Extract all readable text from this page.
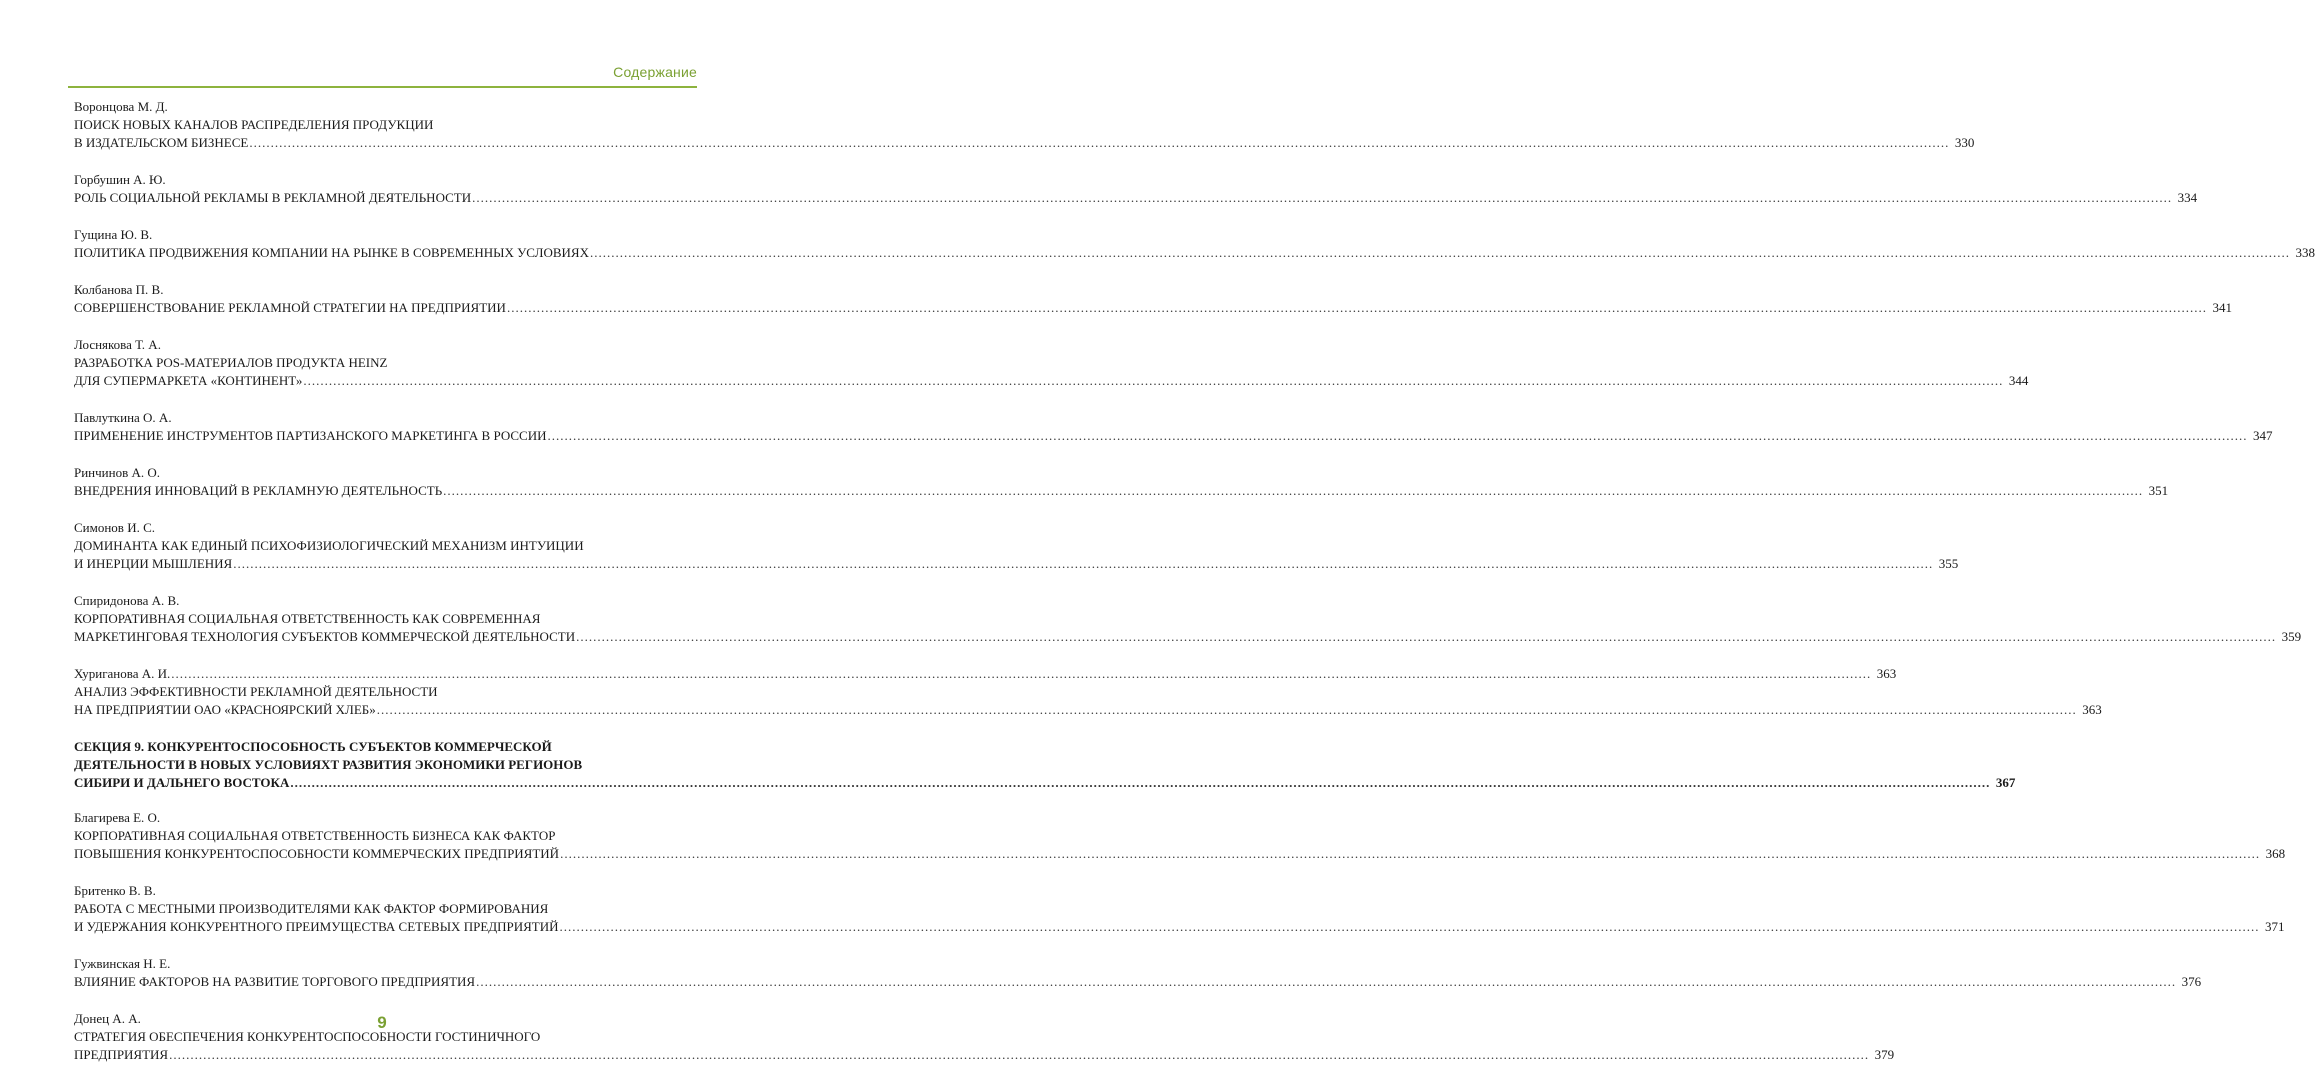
Содержание
Воронцова М. Д.
ПОИСК НОВЫХ КАНАЛОВ РАСПРЕДЕЛЕНИЯ ПРОДУКЦИИ
В ИЗДАТЕЛЬСКОМ БИЗНЕСЕ ................................................................................................................................................................................................................................................................................................................................................................................................................ 330
Горбушин А. Ю.
РОЛЬ СОЦИАЛЬНОЙ РЕКЛАМЫ В РЕКЛАМНОЙ ДЕЯТЕЛЬНОСТИ ................................................................................................................................................................................................................................................................................................................................................................................................................ 334
Гущина Ю. В.
ПОЛИТИКА ПРОДВИЖЕНИЯ КОМПАНИИ НА РЫНКЕ В СОВРЕМЕННЫХ УСЛОВИЯХ ................................................................................................................................................................................................................................................................................................................................................................................................................ 338
Колбанова П. В.
СОВЕРШЕНСТВОВАНИЕ РЕКЛАМНОЙ СТРАТЕГИИ НА ПРЕДПРИЯТИИ ................................................................................................................................................................................................................................................................................................................................................................................................................ 341
Лоснякова Т. А.
РАЗРАБОТКА POS-МАТЕРИАЛОВ ПРОДУКТА HEINZ
ДЛЯ СУПЕРМАРКЕТА «КОНТИНЕНТ» ................................................................................................................................................................................................................................................................................................................................................................................................................ 344
Павлуткина О. А.
ПРИМЕНЕНИЕ ИНСТРУМЕНТОВ ПАРТИЗАНСКОГО МАРКЕТИНГА В РОССИИ ................................................................................................................................................................................................................................................................................................................................................................................................................ 347
Ринчинов А. О.
ВНЕДРЕНИЯ ИННОВАЦИЙ В РЕКЛАМНУЮ ДЕЯТЕЛЬНОСТЬ ................................................................................................................................................................................................................................................................................................................................................................................................................ 351
Симонов И. С.
ДОМИНАНТА КАК ЕДИНЫЙ ПСИХОФИЗИОЛОГИЧЕСКИЙ МЕХАНИЗМ ИНТУИЦИИ
И ИНЕРЦИИ МЫШЛЕНИЯ ................................................................................................................................................................................................................................................................................................................................................................................................................ 355
Спиридонова А. В.
КОРПОРАТИВНАЯ СОЦИАЛЬНАЯ ОТВЕТСТВЕННОСТЬ КАК СОВРЕМЕННАЯ
МАРКЕТИНГОВАЯ ТЕХНОЛОГИЯ СУБЪЕКТОВ КОММЕРЧЕСКОЙ ДЕЯТЕЛЬНОСТИ ................................................................................................................................................................................................................................................................................................................................................................................................................ 359
Хуриганова А. И. ................................................................................................................................................................................................................................................................................................................................................................................................................ 363
АНАЛИЗ ЭФФЕКТИВНОСТИ РЕКЛАМНОЙ ДЕЯТЕЛЬНОСТИ
НА ПРЕДПРИЯТИИ ОАО «КРАСНОЯРСКИЙ ХЛЕБ» ................................................................................................................................................................................................................................................................................................................................................................................................................ 363
СЕКЦИЯ 9. КОНКУРЕНТОСПОСОБНОСТЬ СУБЪЕКТОВ КОММЕРЧЕСКОЙ
ДЕЯТЕЛЬНОСТИ В НОВЫХ УСЛОВИЯХТ РАЗВИТИЯ ЭКОНОМИКИ РЕГИОНОВ
СИБИРИ И ДАЛЬНЕГО ВОСТОКА ................................................................................................................................................................................................................................................................................................................................................................................................................ 367
Благирева Е. О.
КОРПОРАТИВНАЯ СОЦИАЛЬНАЯ ОТВЕТСТВЕННОСТЬ БИЗНЕСА КАК ФАКТОР
ПОВЫШЕНИЯ КОНКУРЕНТОСПОСОБНОСТИ КОММЕРЧЕСКИХ ПРЕДПРИЯТИЙ ................................................................................................................................................................................................................................................................................................................................................................................................................ 368
Бритенко В. В.
РАБОТА С МЕСТНЫМИ ПРОИЗВОДИТЕЛЯМИ КАК ФАКТОР ФОРМИРОВАНИЯ
И УДЕРЖАНИЯ КОНКУРЕНТНОГО ПРЕИМУЩЕСТВА СЕТЕВЫХ ПРЕДПРИЯТИЙ ................................................................................................................................................................................................................................................................................................................................................................................................................ 371
Гужвинская Н. Е.
ВЛИЯНИЕ ФАКТОРОВ НА РАЗВИТИЕ ТОРГОВОГО ПРЕДПРИЯТИЯ ................................................................................................................................................................................................................................................................................................................................................................................................................ 376
Донец А. А.
СТРАТЕГИЯ ОБЕСПЕЧЕНИЯ КОНКУРЕНТОСПОСОБНОСТИ ГОСТИНИЧНОГО
ПРЕДПРИЯТИЯ ................................................................................................................................................................................................................................................................................................................................................................................................................ 379
9
